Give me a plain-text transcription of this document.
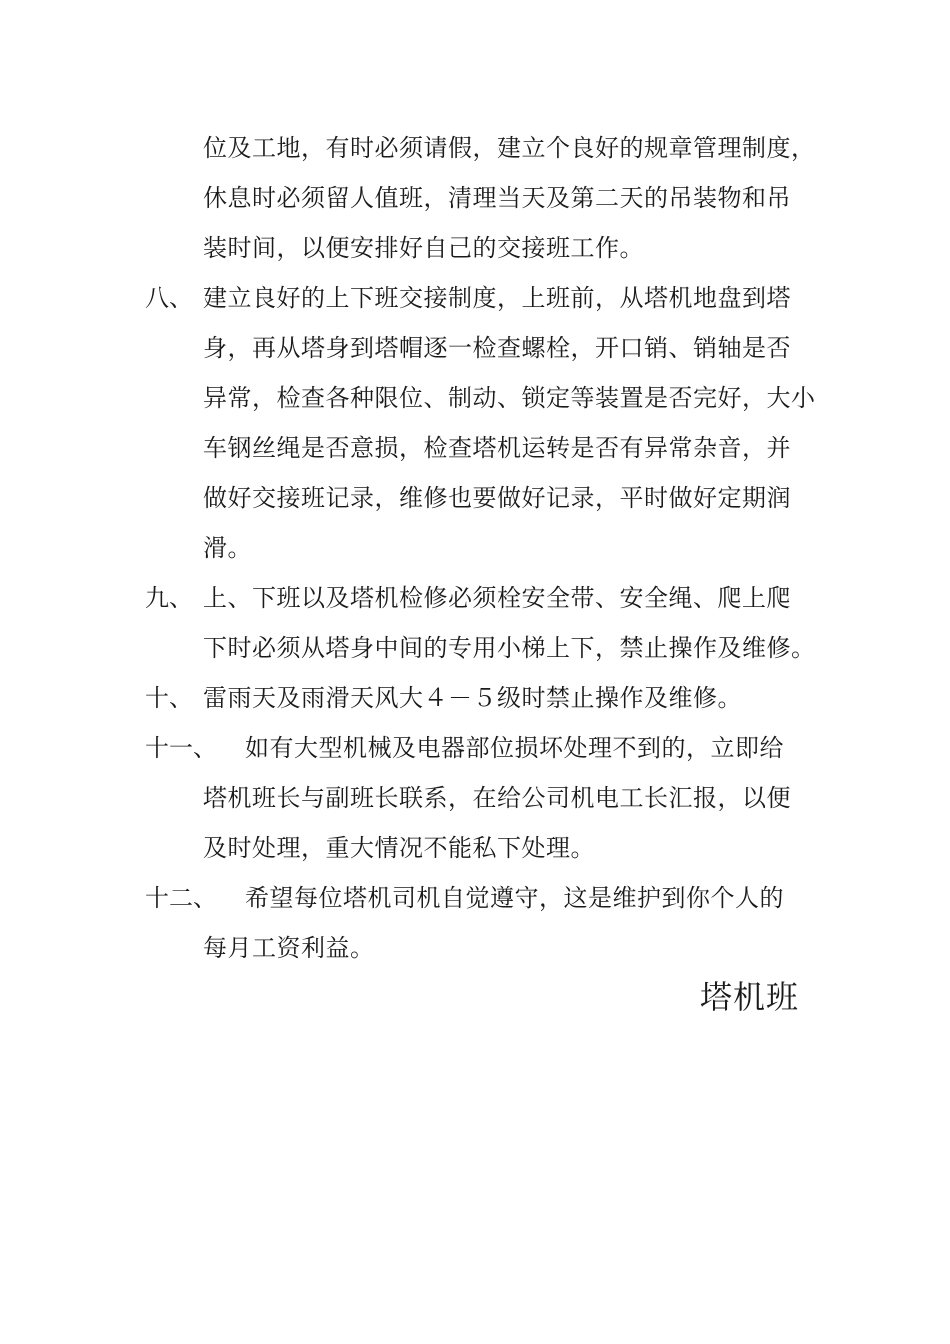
位及工地，有时必须请假，建立个良好的规章管理制度，
休息时必须留人值班，清理当天及第二天的吊装物和吊
装时间，以便安排好自己的交接班工作。
八、 建立良好的上下班交接制度，上班前，从塔机地盘到塔
身，再从塔身到塔帽逐一检查螺栓，开口销、销轴是否
异常，检查各种限位、制动、锁定等装置是否完好，大小
车钢丝绳是否意损，检查塔机运转是否有异常杂音，并
做好交接班记录，维修也要做好记录，平时做好定期润
滑。
九、 上、下班以及塔机检修必须栓安全带、安全绳、爬上爬
下时必须从塔身中间的专用小梯上下，禁止操作及维修。
十、 雷雨天及雨滑天风大４－５级时禁止操作及维修。
十一、 如有大型机械及电器部位损坏处理不到的，立即给
塔机班长与副班长联系，在给公司机电工长汇报，以便
及时处理，重大情况不能私下处理。
十二、 希望每位塔机司机自觉遵守，这是维护到你个人的
每月工资利益。
塔机班
